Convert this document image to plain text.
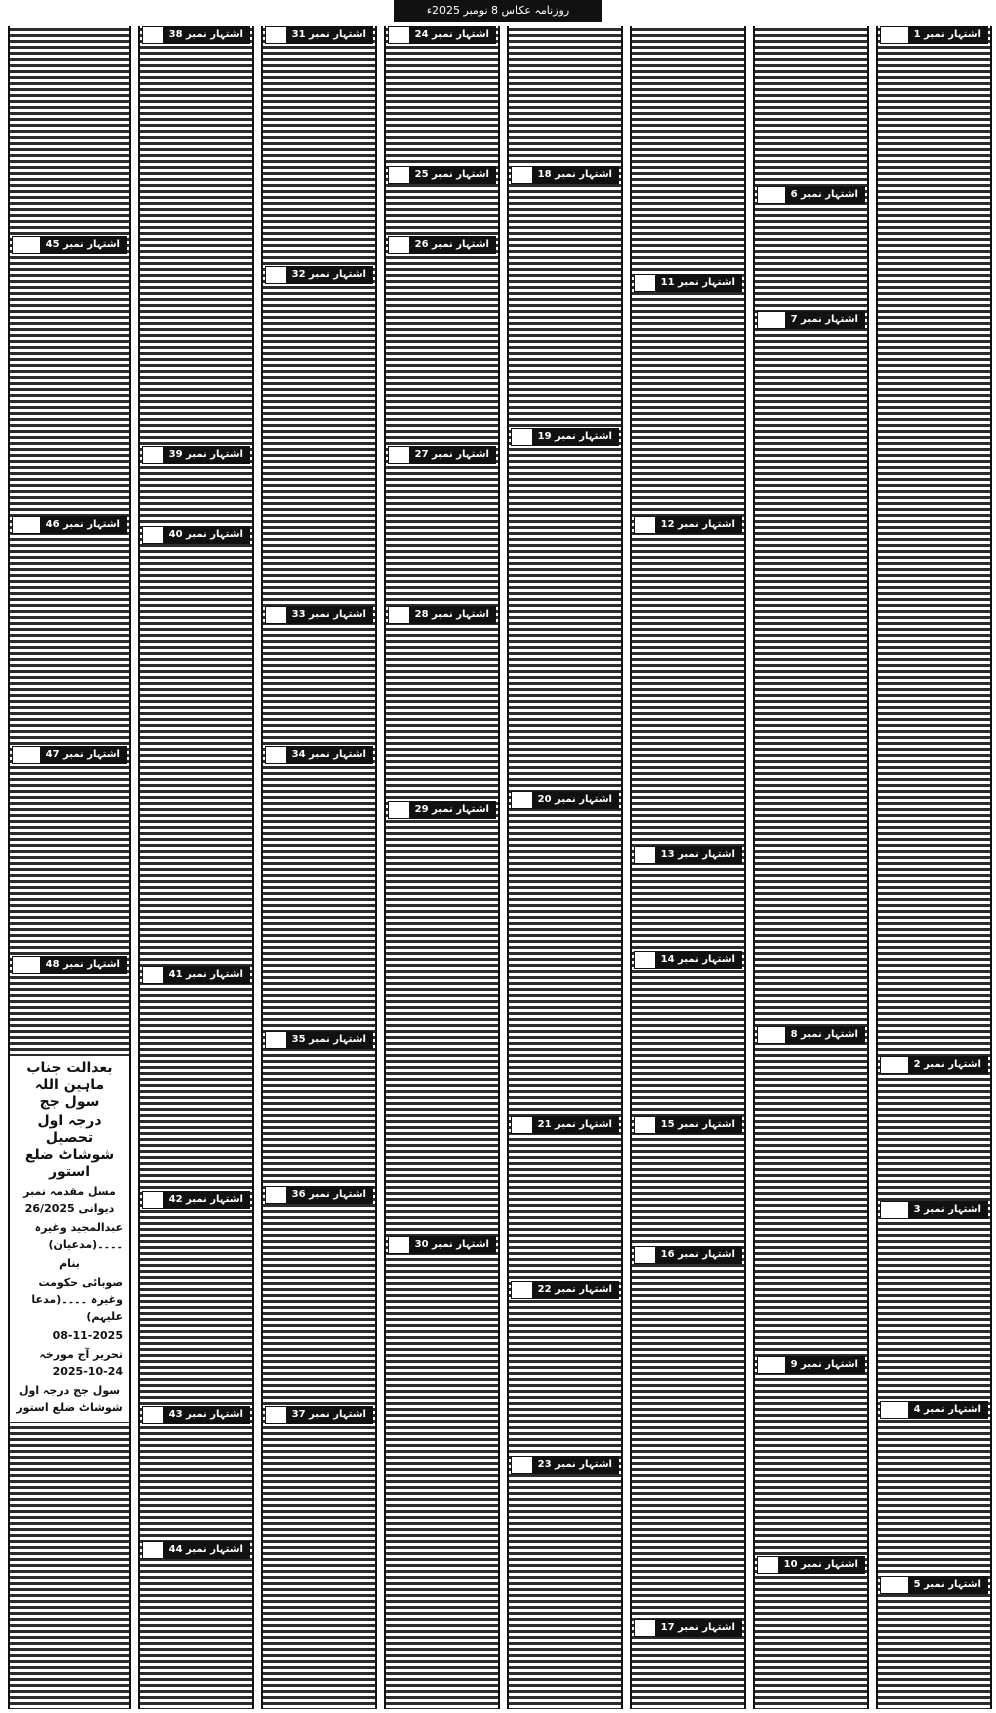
روزنامہ عکاس 8 نومبر 2025ء
اشتہار نمبر 1
اشتہار نمبر 2
اشتہار نمبر 3
اشتہار نمبر 4
اشتہار نمبر 5
اشتہار نمبر 6
اشتہار نمبر 7
اشتہار نمبر 8
اشتہار نمبر 9
اشتہار نمبر 10
اشتہار نمبر 11
اشتہار نمبر 12
اشتہار نمبر 13
اشتہار نمبر 14
اشتہار نمبر 15
اشتہار نمبر 16
اشتہار نمبر 17
اشتہار نمبر 18
اشتہار نمبر 19
اشتہار نمبر 20
اشتہار نمبر 21
اشتہار نمبر 22
اشتہار نمبر 23
اشتہار نمبر 24
اشتہار نمبر 25
اشتہار نمبر 26
اشتہار نمبر 27
اشتہار نمبر 28
اشتہار نمبر 29
اشتہار نمبر 30
اشتہار نمبر 31
اشتہار نمبر 32
اشتہار نمبر 33
اشتہار نمبر 34
اشتہار نمبر 35
اشتہار نمبر 36
اشتہار نمبر 37
اشتہار نمبر 38
اشتہار نمبر 39
اشتہار نمبر 40
اشتہار نمبر 41
اشتہار نمبر 42
اشتہار نمبر 43
اشتہار نمبر 44
بعدالت جناب ماہین اللہ سول جج
درجہ اول تحصیل شوشاٹ ضلع استور
مسل مقدمہ نمبر دیوانی 26/2025
عبدالمجید وغیرہ ۔۔۔۔(مدعیان)
بنام
صوبائی حکومت وغیرہ ۔۔۔۔(مدعا علیہم)
08-11-2025
تحریر آج مورخہ 24-10-2025
سول جج درجہ اول شوشاٹ ضلع استور
اشتہار نمبر 45
اشتہار نمبر 46
اشتہار نمبر 47
اشتہار نمبر 48
